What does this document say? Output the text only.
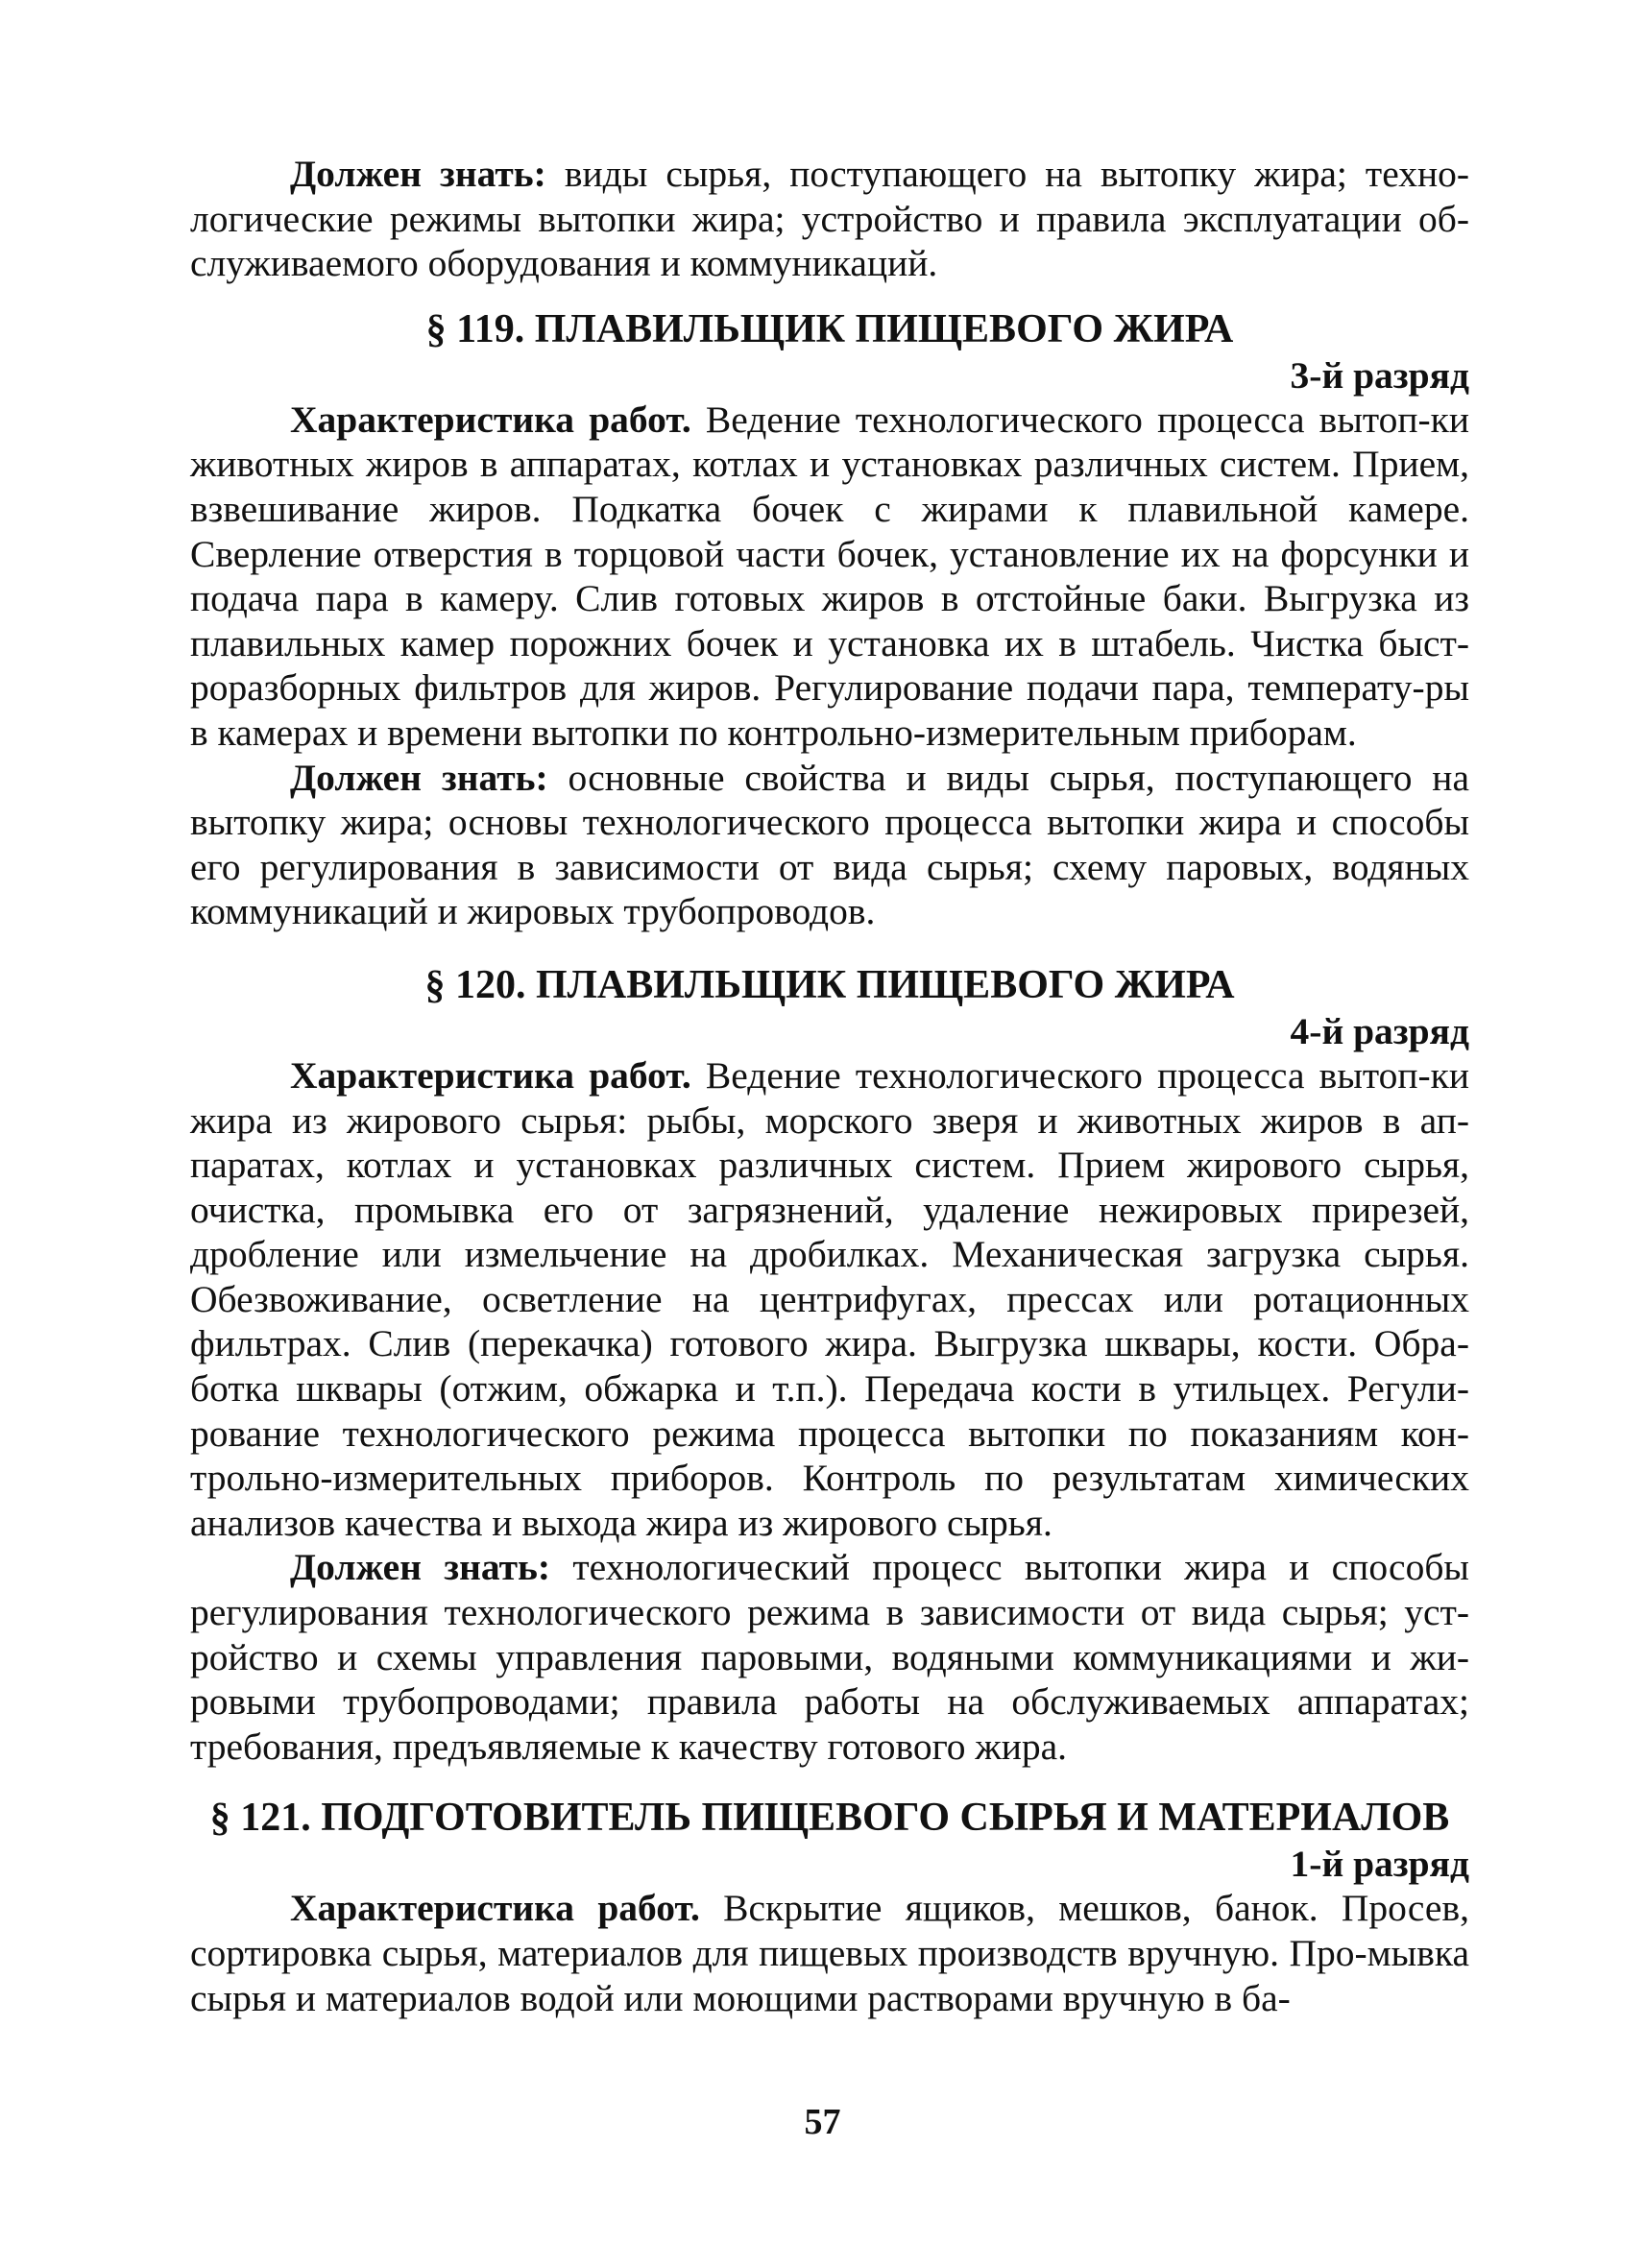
Должен знать: виды сырья, поступающего на вытопку жира; техно-логические режимы вытопки жира; устройство и правила эксплуатации об-служиваемого оборудования и коммуникаций.

§ 119. ПЛАВИЛЬЩИК ПИЩЕВОГО ЖИРА
3-й разряд

Характеристика работ. Ведение технологического процесса вытоп-ки животных жиров в аппаратах, котлах и установках различных систем. Прием, взвешивание жиров. Подкатка бочек с жирами к плавильной камере. Сверление отверстия в торцовой части бочек, установление их на форсунки и подача пара в камеру. Слив готовых жиров в отстойные баки. Выгрузка из плавильных камер порожних бочек и установка их в штабель. Чистка быст-роразборных фильтров для жиров. Регулирование подачи пара, температу-ры в камерах и времени вытопки по контрольно-измерительным приборам.

Должен знать: основные свойства и виды сырья, поступающего на вытопку жира; основы технологического процесса вытопки жира и способы его регулирования в зависимости от вида сырья; схему паровых, водяных коммуникаций и жировых трубопроводов.

§ 120. ПЛАВИЛЬЩИК ПИЩЕВОГО ЖИРА
4-й разряд

Характеристика работ. Ведение технологического процесса вытоп-ки жира из жирового сырья: рыбы, морского зверя и животных жиров в ап-паратах, котлах и установках различных систем. Прием жирового сырья, очистка, промывка его от загрязнений, удаление нежировых прирезей, дробление или измельчение на дробилках. Механическая загрузка сырья. Обезвоживание, осветление на центрифугах, прессах или ротационных фильтрах. Слив (перекачка) готового жира. Выгрузка шквары, кости. Обра-ботка шквары (отжим, обжарка и т.п.). Передача кости в утильцех. Регули-рование технологического режима процесса вытопки по показаниям кон-трольно-измерительных приборов. Контроль по результатам химических анализов качества и выхода жира из жирового сырья.

Должен знать: технологический процесс вытопки жира и способы регулирования технологического режима в зависимости от вида сырья; уст-ройство и схемы управления паровыми, водяными коммуникациями и жи-ровыми трубопроводами; правила работы на обслуживаемых аппаратах; требования, предъявляемые к качеству готового жира.

§ 121. ПОДГОТОВИТЕЛЬ ПИЩЕВОГО СЫРЬЯ И МАТЕРИАЛОВ
1-й разряд

Характеристика работ. Вскрытие ящиков, мешков, банок. Просев, сортировка сырья, материалов для пищевых производств вручную. Про-мывка сырья и материалов водой или моющими растворами вручную в ба-

57
